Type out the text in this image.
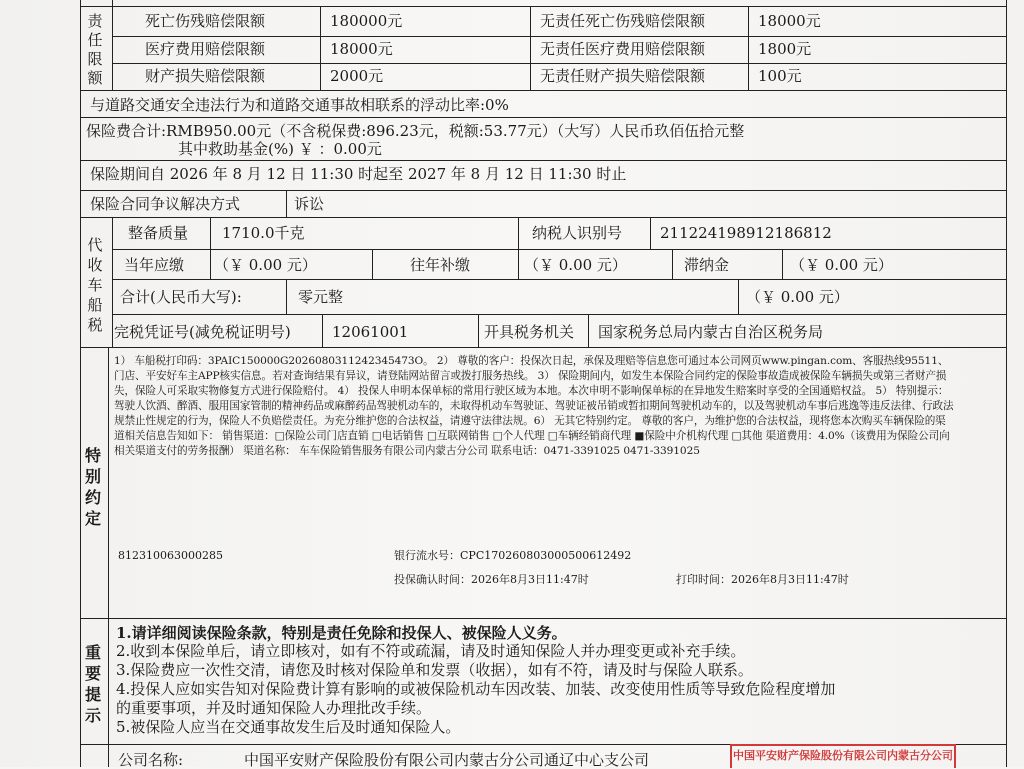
责任限额
死亡伤残赔偿限额	180000元	无责任死亡伤残赔偿限额	18000元
医疗费用赔偿限额	18000元	无责任医疗费用赔偿限额	1800元
财产损失赔偿限额	2000元	无责任财产损失赔偿限额	100元
与道路交通安全违法行为和道路交通事故相联系的浮动比率:0%
保险费合计:RMB950.00元（不含税保费:896.23元，税额:53.77元）（大写）人民币玖佰伍拾元整
其中救助基金(%) ￥ ：0.00元
保险期间自 2026 年 8 月 12 日 11:30 时起至 2027 年 8 月 12 日 11:30 时止
保险合同争议解决方式	诉讼
代收车船税
整备质量 1710.0千克	纳税人识别号	211224198912186812
当年应缴 （￥ 0.00 元）	往年补缴	（￥ 0.00 元）	滞纳金	（￥ 0.00 元）
合计(人民币大写):	零元整	（￥ 0.00 元）
完税凭证号(减免税证明号)	12061001	开具税务机关 国家税务总局内蒙古自治区税务局
特别约定
1） 车船税打印码：3PAIC150000G2026080311242345473O。 2） 尊敬的客户：投保次日起，承保及理赔等信息您可通过本公司网页www.pingan.com、客服热线95511、门店、平安好车主APP核实信息。若对查询结果有异议，请登陆网站留言或拨打服务热线。 3） 保险期间内，如发生本保险合同约定的保险事故造成被保险车辆损失或第三者财产损失，保险人可采取实物修复方式进行保险赔付。 4） 投保人申明本保单标的常用行驶区域为本地。本次申明不影响保单标的在异地发生赔案时享受的全国通赔权益。 5） 特别提示：驾驶人饮酒、醉酒、服用国家管制的精神药品或麻醉药品驾驶机动车的，未取得机动车驾驶证、驾驶证被吊销或暂扣期间驾驶机动车的，以及驾驶机动车事后逃逸等违反法律、行政法规禁止性规定的行为，保险人不负赔偿责任。为充分维护您的合法权益，请遵守法律法规。6） 无其它特别约定。 尊敬的客户，为维护您的合法权益，现将您本次购买车辆保险的渠道相关信息告知如下： 销售渠道：□保险公司门店直销 □电话销售 □互联网销售 □个人代理 □车辆经销商代理 ■保险中介机构代理 □其他 渠道费用：4.0%（该费用为保险公司向相关渠道支付的劳务报酬） 渠道名称： 车车保险销售服务有限公司内蒙古分公司 联系电话：0471-3391025 0471-3391025
812310063000285	银行流水号：CPC170260803000500612492
投保确认时间：2026年8月3日11:47时	打印时间：2026年8月3日11:47时
重要提示
1.请详细阅读保险条款，特别是责任免除和投保人、被保险人义务。
2.收到本保险单后，请立即核对，如有不符或疏漏，请及时通知保险人并办理变更或补充手续。
3.保险费应一次性交清，请您及时核对保险单和发票（收据），如有不符，请及时与保险人联系。
4.投保人应如实告知对保险费计算有影响的或被保险机动车因改装、加装、改变使用性质等导致危险程度增加
的重要事项，并及时通知保险人办理批改手续。
5.被保险人应当在交通事故发生后及时通知保险人。
公司名称:	中国平安财产保险股份有限公司内蒙古分公司通辽中心支公司	中国平安财产保险股份有限公司内蒙古分公司
